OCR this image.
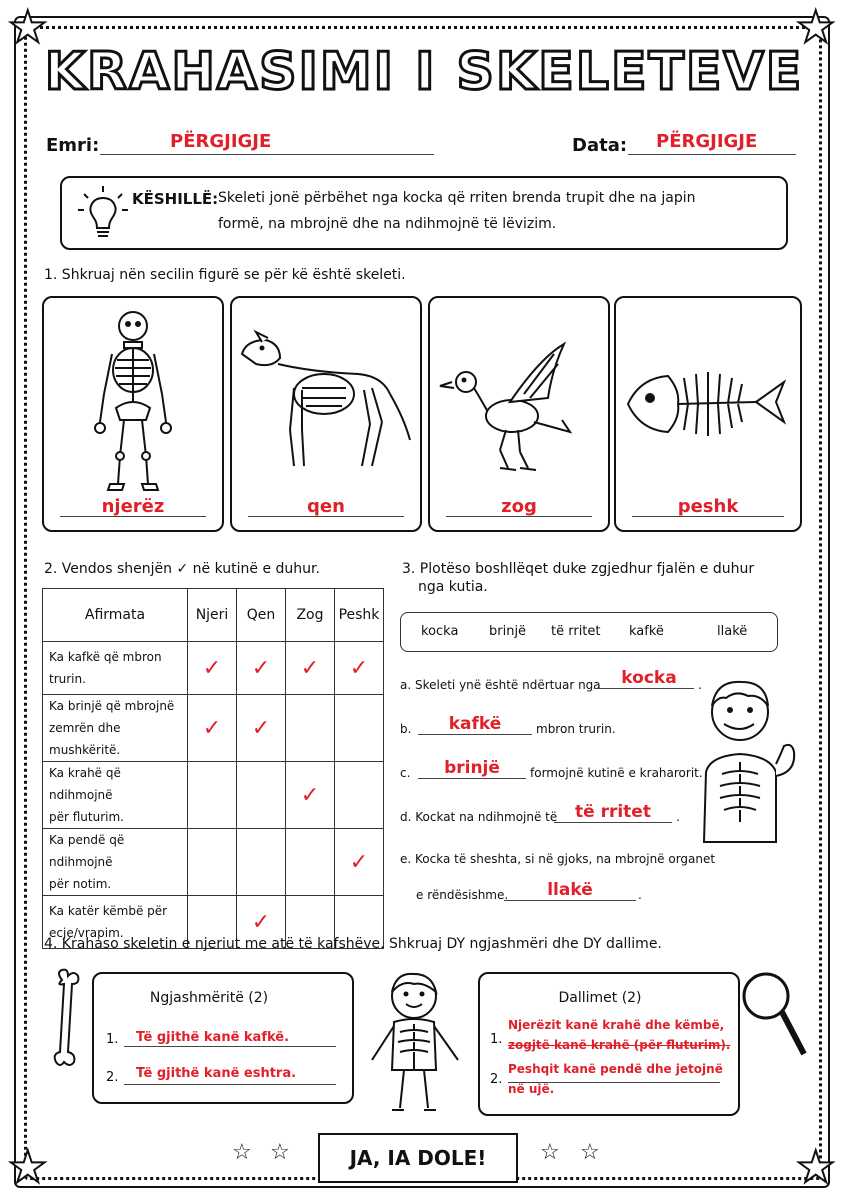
★	★
★	★
KRAHASIMI I SKELETEVE
Emri:	PËRGJIGJE	Data: PËRGJIGJE
KËSHILLË: Skeleti jonë përbëhet nga kocka që rriten brenda trupit dhe na japin
formë, na mbrojnë dhe na ndihmojnë të lëvizim.
1. Shkruaj nën secilin figurë se për kë është skeleti.
njerëz	qen	zog	peshk
2. Vendos shenjën ✓ në kutinë e duhur.
Afirmata	Njeri	Qen	Zog	Peshk
Ka kafkë që mbron
trurin.	✓	✓	✓	✓
Ka brinjë që mbrojnë
zemrën dhe mushkëritë.	✓	✓		
Ka krahë që ndihmojnë
për fluturim.			✓	
Ka pendë që ndihmojnë
për notim.				✓
Ka katër këmbë për
ecje/vrapim.		✓		
3. Plotëso boshllëqet duke zgjedhur fjalën e duhur
nga kutia.
kocka brinjë të rritet kafkë	llakë
a. Skeleti ynë është ndërtuar nga	kocka	.
b.	kafkë	mbron trurin.
c.	brinjë	formojnë kutinë e kraharorit.
d. Kockat na ndihmojnë të	të rritet	.
e. Kocka të sheshta, si në gjoks, na mbrojnë organet
e rëndësishme.	llakë	.
4. Krahaso skeletin e njeriut me atë të kafshëve. Shkruaj DY ngjashmëri dhe DY dallime.
Ngjashmëritë (2)
1. Të gjithë kanë kafkë.
2. Të gjithë kanë eshtra.
Dallimet (2)
1.
Njerëzit kanë krahë dhe këmbë,
zogjtë kanë krahë (për fluturim).
2.
Peshqit kanë pendë dhe jetojnë
në ujë.
☆ ☆	☆ ☆
JA, IA DOLE!
